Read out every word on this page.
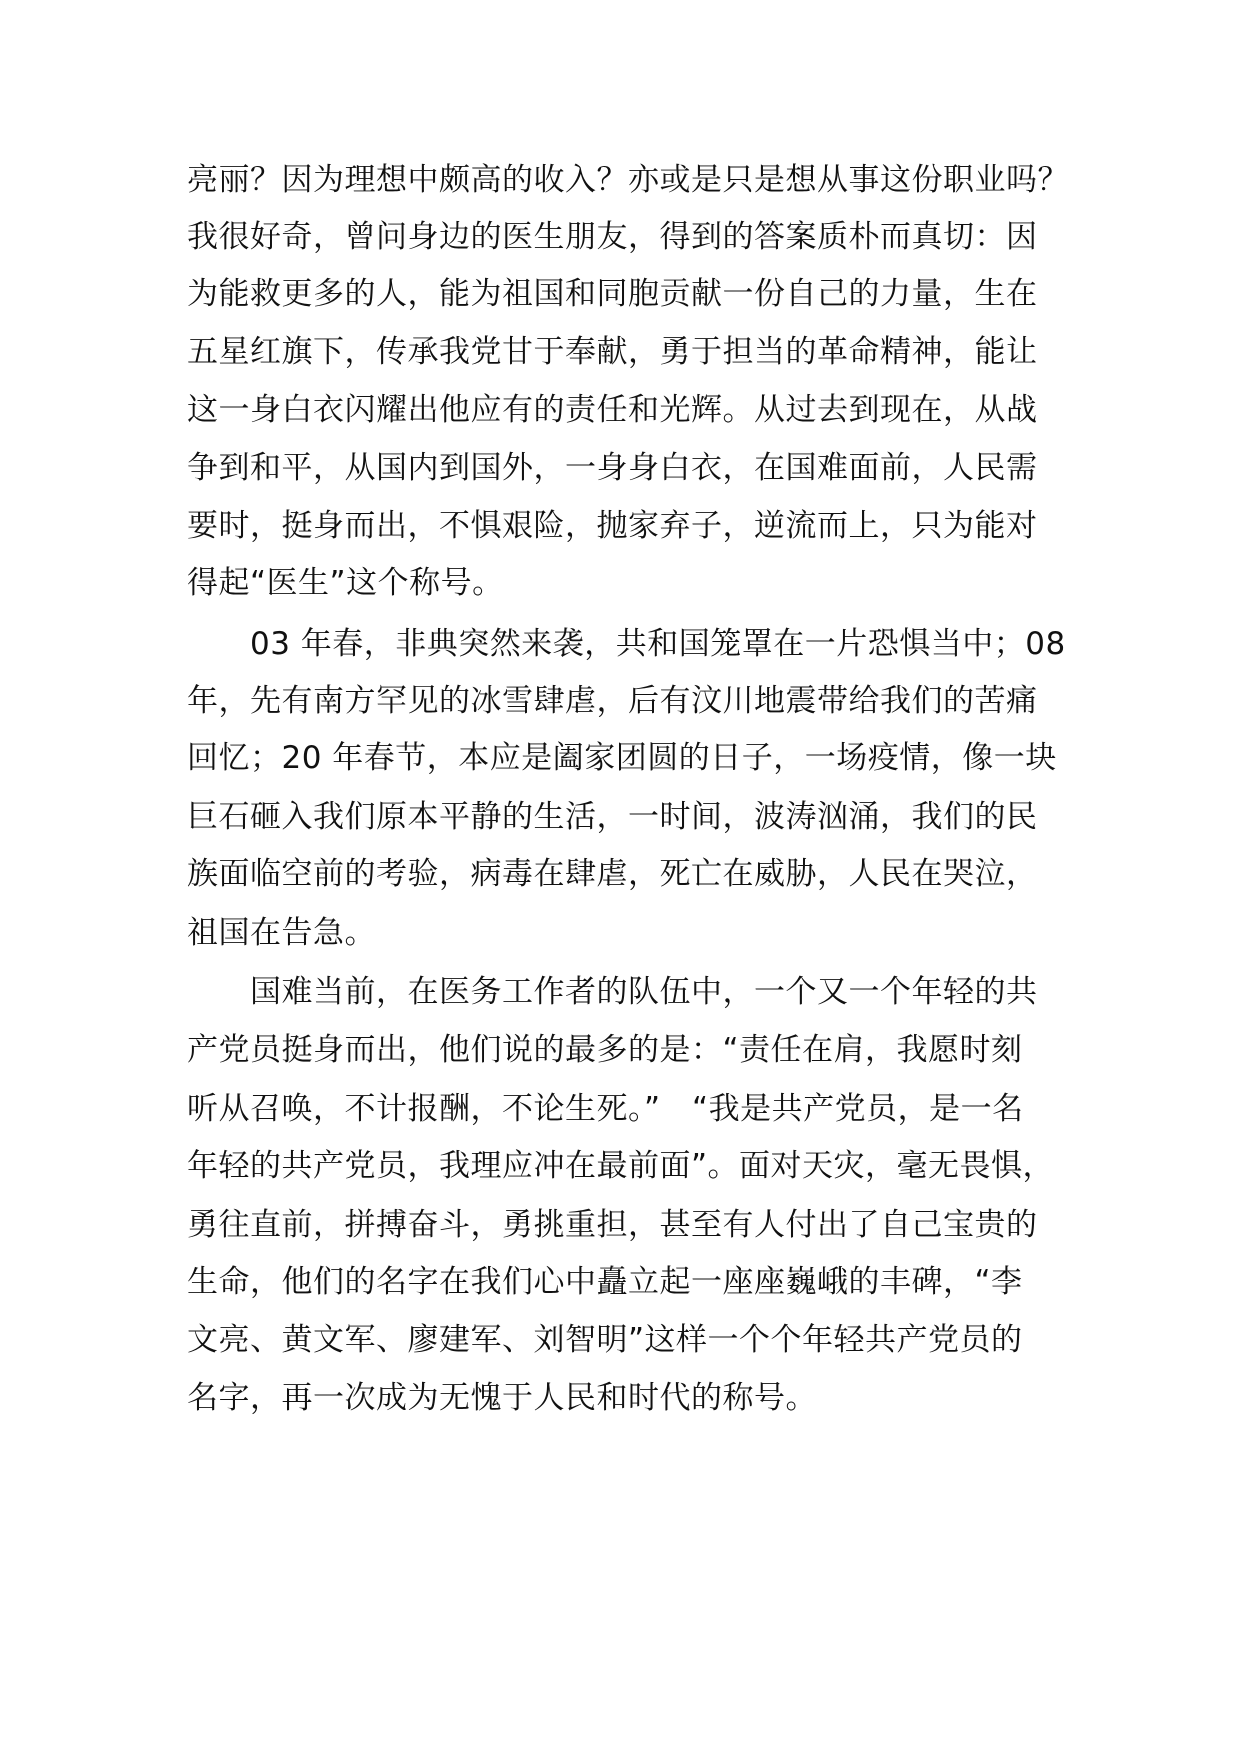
亮丽？因为理想中颇高的收入？亦或是只是想从事这份职业吗？

我很好奇，曾问身边的医生朋友，得到的答案质朴而真切：因

为能救更多的人，能为祖国和同胞贡献一份自己的力量，生在

五星红旗下，传承我党甘于奉献，勇于担当的革命精神，能让

这一身白衣闪耀出他应有的责任和光辉。从过去到现在，从战

争到和平，从国内到国外，一身身白衣，在国难面前，人民需

要时，挺身而出，不惧艰险，抛家弃子，逆流而上，只为能对

得起“医生”这个称号。

03 年春，非典突然来袭，共和国笼罩在一片恐惧当中；08

年，先有南方罕见的冰雪肆虐，后有汶川地震带给我们的苦痛

回忆；20 年春节，本应是阖家团圆的日子，一场疫情，像一块

巨石砸入我们原本平静的生活，一时间，波涛汹涌，我们的民

族面临空前的考验，病毒在肆虐，死亡在威胁，人民在哭泣，

祖国在告急。

国难当前，在医务工作者的队伍中，一个又一个年轻的共

产党员挺身而出，他们说的最多的是：“责任在肩，我愿时刻

听从召唤，不计报酬，不论生死。”　“我是共产党员，是一名

年轻的共产党员，我理应冲在最前面”。面对天灾，毫无畏惧，

勇往直前，拼搏奋斗，勇挑重担，甚至有人付出了自己宝贵的

生命，他们的名字在我们心中矗立起一座座巍峨的丰碑，“李

文亮、黄文军、廖建军、刘智明”这样一个个年轻共产党员的

名字，再一次成为无愧于人民和时代的称号。
